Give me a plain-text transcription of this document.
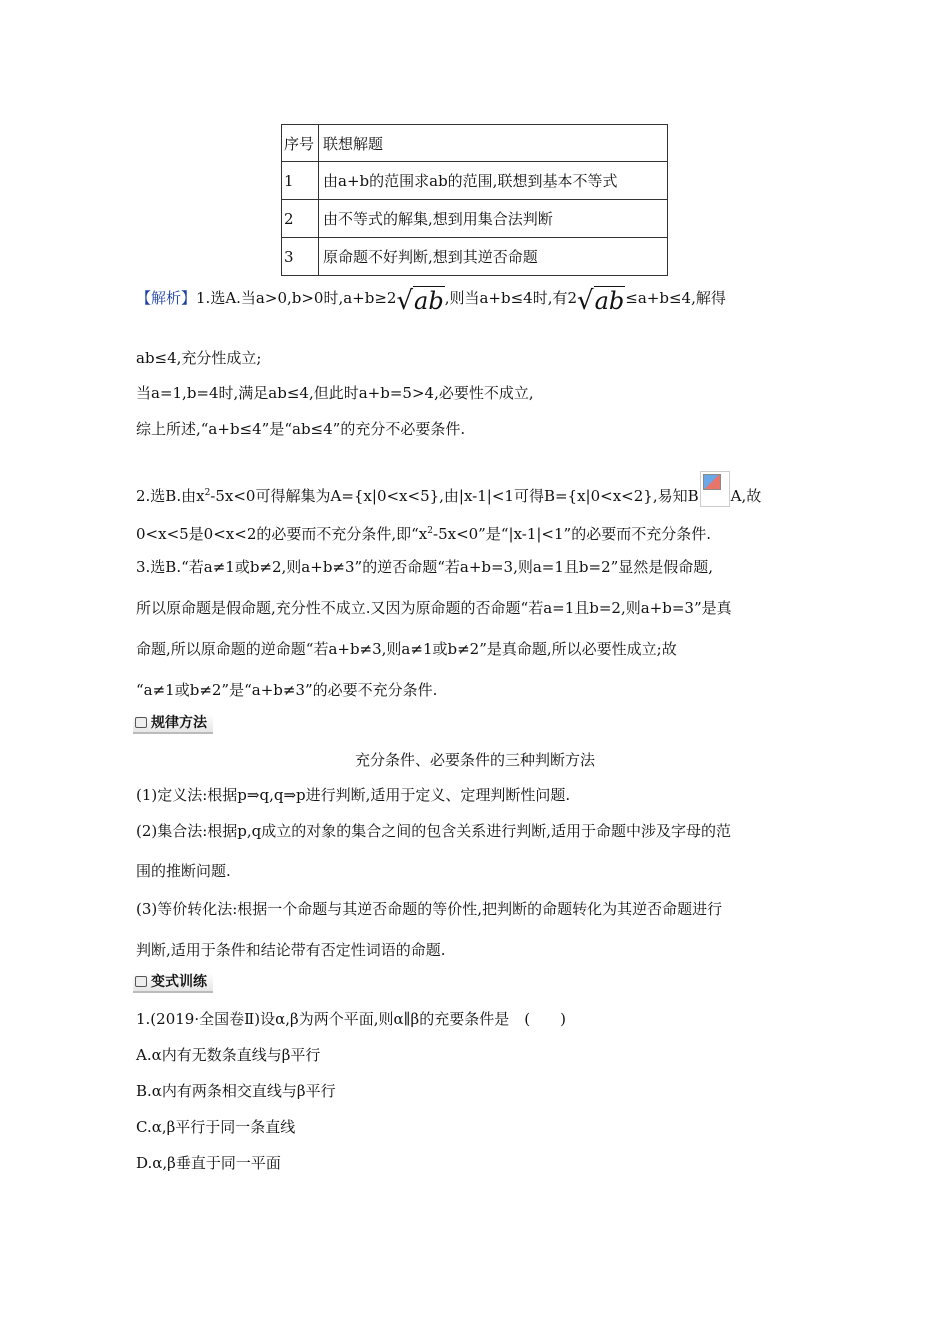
序号	联想解题
1	由a+b的范围求ab的范围,联想到基本不等式
2	由不等式的解集,想到用集合法判断
3	原命题不好判断,想到其逆否命题
【解析】1.选A.当a>0,b>0时,a+b≥2√ab,则当a+b≤4时,有2√ab≤a+b≤4,解得
ab≤4,充分性成立;
当a=1,b=4时,满足ab≤4,但此时a+b=5>4,必要性不成立,
综上所述,“a+b≤4”是“ab≤4”的充分不必要条件.
2.选B.由$x^2-5x<0$可得解集为A={x|0<x<5},由|x-1|<1可得B={x|0<x<2},易知B A,故
0<x<5是0<x<2的必要而不充分条件,即“$x^2-5x<0$”是“|x-1|<1”的必要而不充分条件.
3.选B.“若a≠1或b≠2,则a+b≠3”的逆否命题“若a+b=3,则a=1且b=2”显然是假命题,
所以原命题是假命题,充分性不成立.又因为原命题的否命题“若a=1且b=2,则a+b=3”是真
命题,所以原命题的逆命题“若a+b≠3,则a≠1或b≠2”是真命题,所以必要性成立;故
“a≠1或b≠2”是“a+b≠3”的必要不充分条件.
规律方法
充分条件、必要条件的三种判断方法
(1)定义法:根据p⇒q,q⇒p进行判断,适用于定义、定理判断性问题.
(2)集合法:根据p,q成立的对象的集合之间的包含关系进行判断,适用于命题中涉及字母的范
围的推断问题.
(3)等价转化法:根据一个命题与其逆否命题的等价性,把判断的命题转化为其逆否命题进行
判断,适用于条件和结论带有否定性词语的命题.
变式训练
1.(2019·全国卷Ⅱ)设α,β为两个平面,则α∥β的充要条件是　(　　)
A.α内有无数条直线与β平行
B.α内有两条相交直线与β平行
C.α,β平行于同一条直线
D.α,β垂直于同一平面
